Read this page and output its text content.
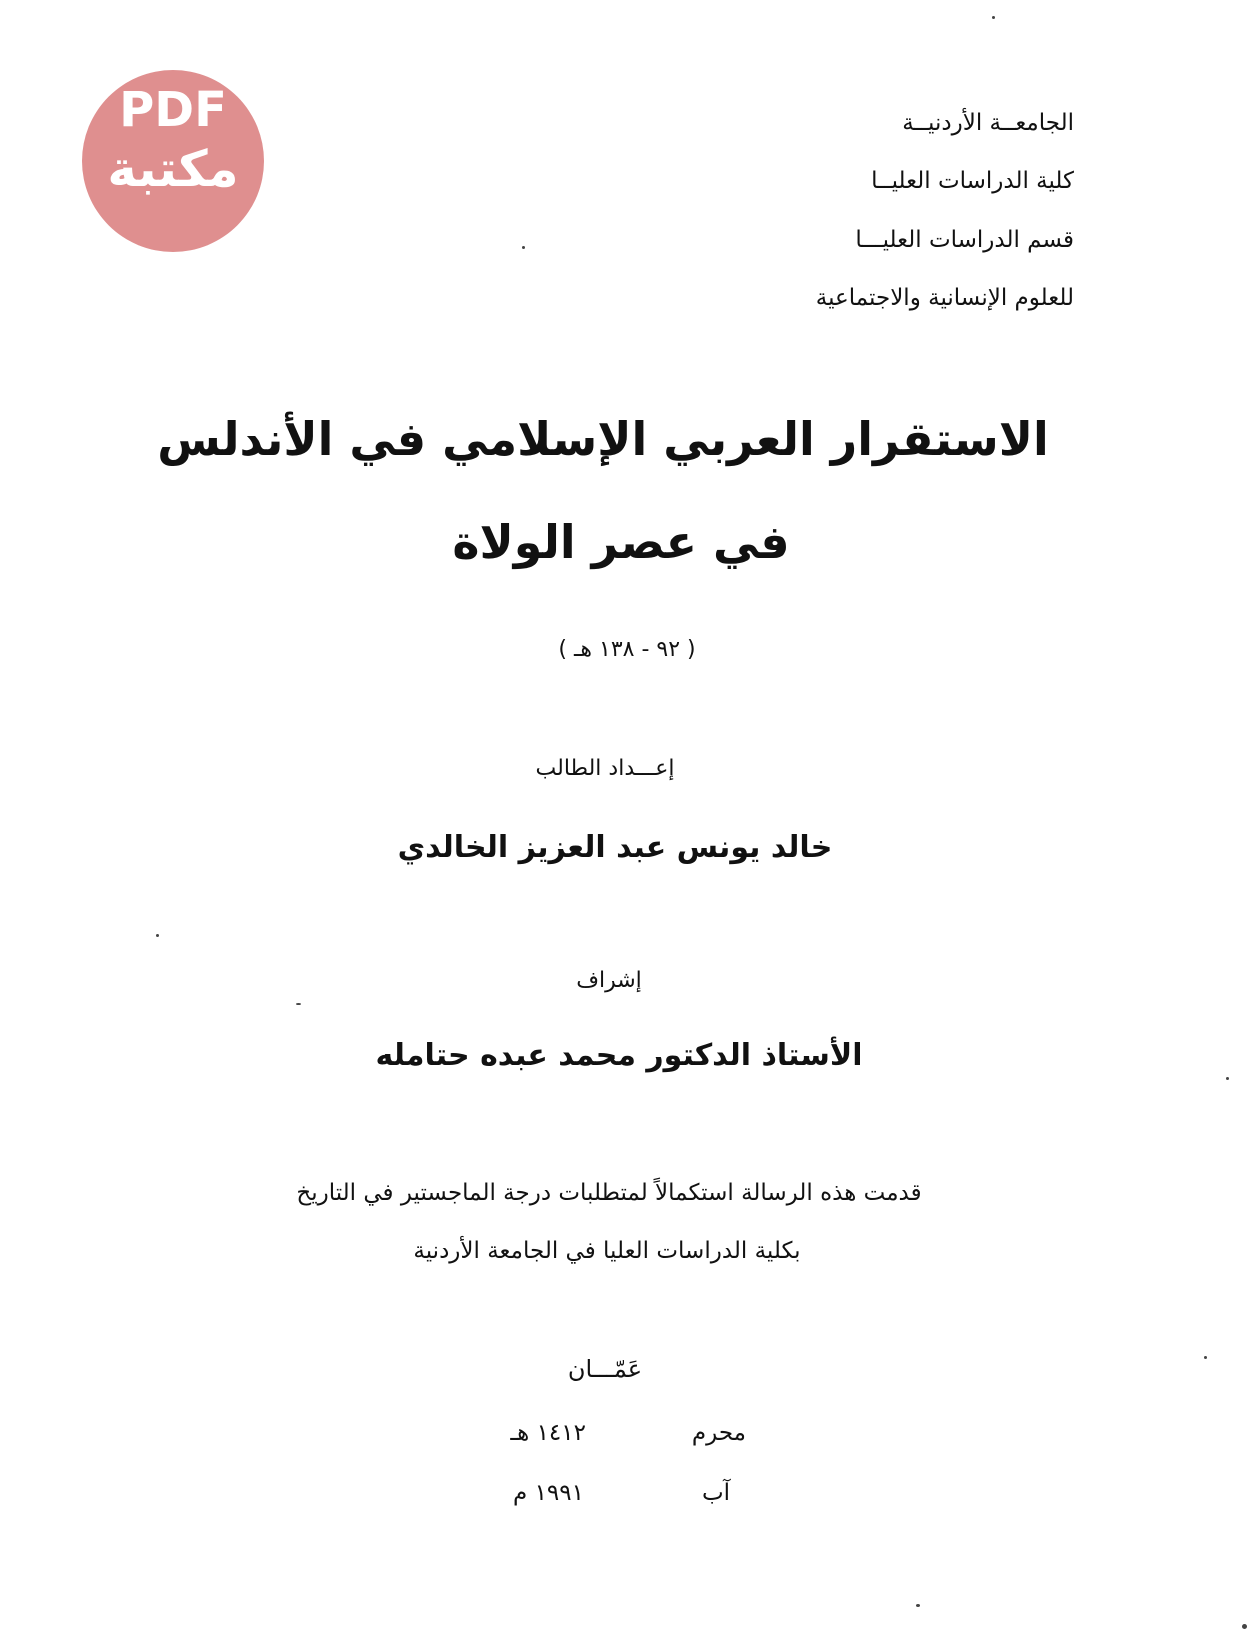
PDF
مكتبة
الجامعــة الأردنيــة
كلية الدراسات العليــا
قسم الدراسات العليـــا
للعلوم الإنسانية والاجتماعية
الاستقرار العربي الإسلامي في الأندلس
في عصر الولاة
( ٩٢ - ١٣٨ هـ )
إعـــداد الطالب
خالد يونس عبد العزيز الخالدي
إشراف
الأستاذ الدكتور محمد عبده حتامله
قدمت هذه الرسالة استكمالاً لمتطلبات درجة الماجستير في التاريخ
بكلية الدراسات العليا في الجامعة الأردنية
عَمّـــان
محرم
١٤١٢ هـ
آب
١٩٩١ م
